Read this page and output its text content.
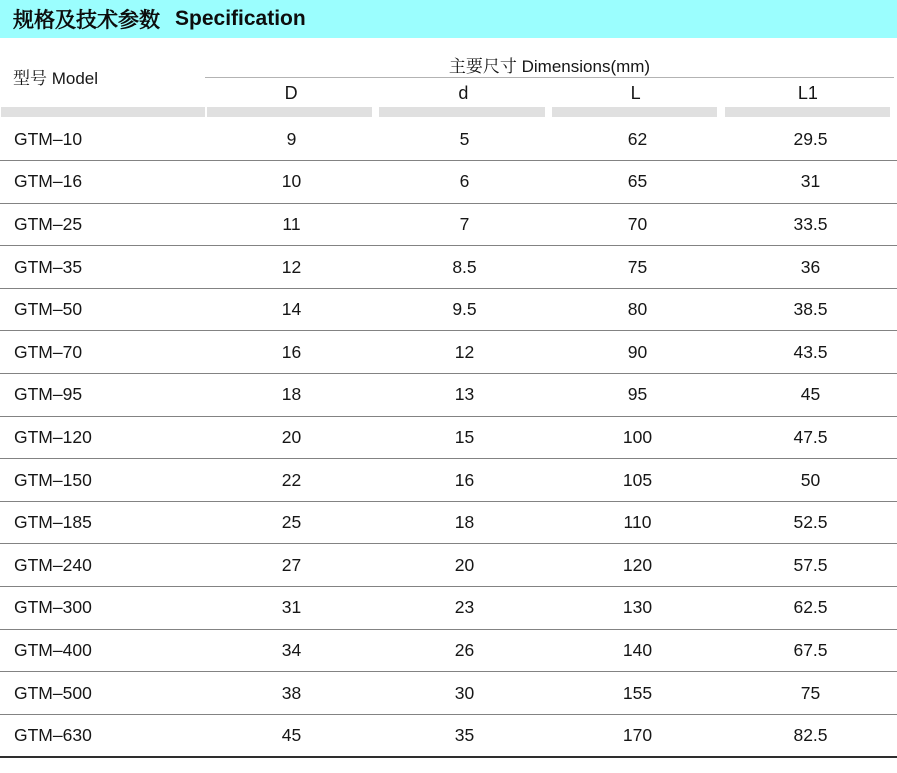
规格及技术参数 Specification
型号 Model
主要尺寸 Dimensions(mm)
D	d	L	L1
GTM–10	9	5	62	29.5
GTM–16	10	6	65	31
GTM–25	11	7	70	33.5
GTM–35	12	8.5	75	36
GTM–50	14	9.5	80	38.5
GTM–70	16	12	90	43.5
GTM–95	18	13	95	45
GTM–120	20	15	100	47.5
GTM–150	22	16	105	50
GTM–185	25	18	110	52.5
GTM–240	27	20	120	57.5
GTM–300	31	23	130	62.5
GTM–400	34	26	140	67.5
GTM–500	38	30	155	75
GTM–630	45	35	170	82.5
